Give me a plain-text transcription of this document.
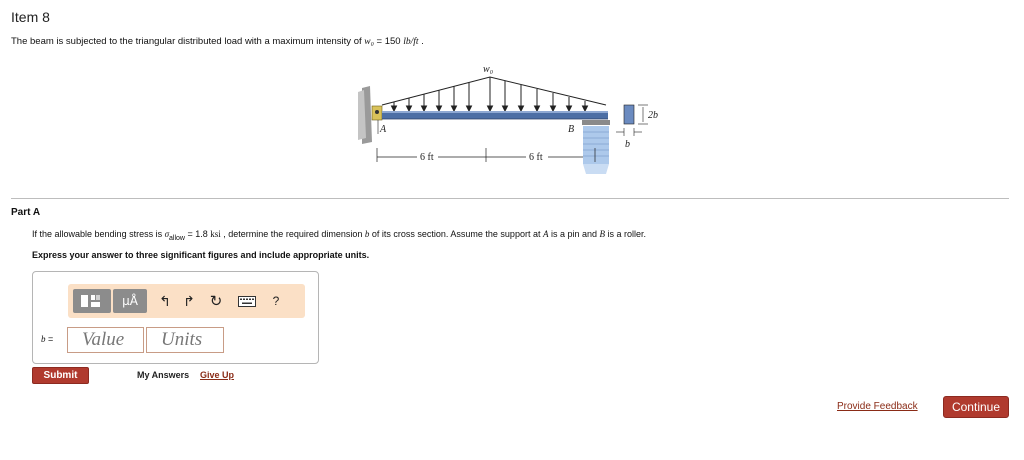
Item 8
The beam is subjected to the triangular distributed load with a maximum intensity of w₀ = 150 lb/ft .
w₀
A	B
6 ft	6 ft
2b
b
Part A
If the allowable bending stress is $\sigma_{allow} = 1.8$ ksi , determine the required dimension b of its cross section. Assume the support at A is a pin and B is a roller.
Express your answer to three significant figures and include appropriate units.
μÅ	↰ ↱ ↻	?
b =	Value	Units
Submit	My Answers Give Up
Provide Feedback	Continue
